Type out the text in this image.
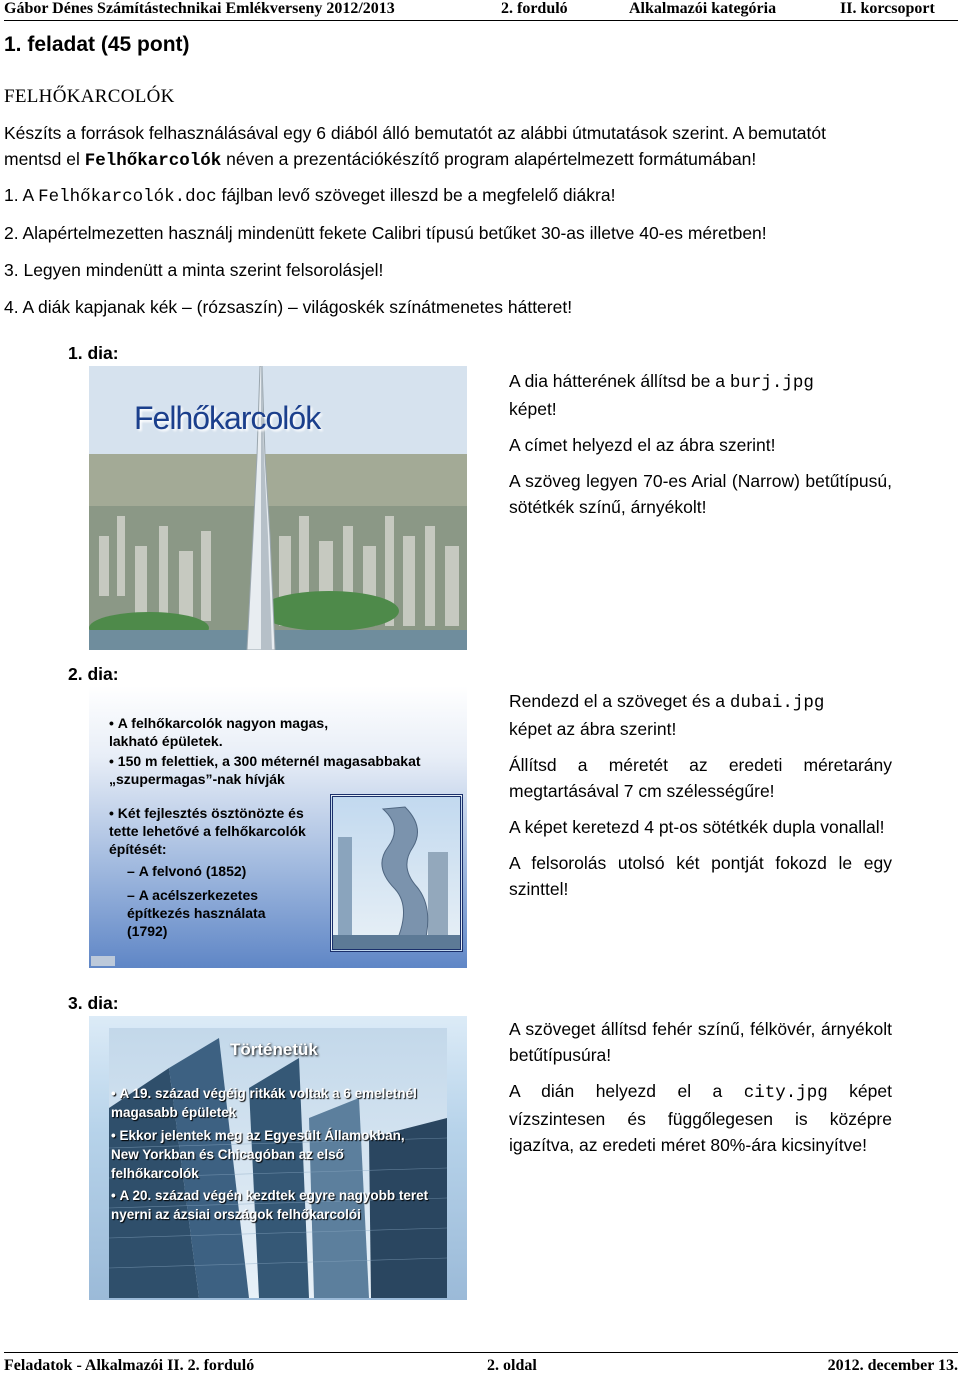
Gábor Dénes Számítástechnikai Emlékverseny 2012/2013	2. forduló	Alkalmazói kategória	II. korcsoport
1. feladat (45 pont)
FELHŐKARCOLÓK
Készíts a források felhasználásával egy 6 diából álló bemutatót az alábbi útmutatások szerint. A bemutatót
mentsd el Felhőkarcolók néven a prezentációkészítő program alapértelmezett formátumában!
1. A Felhőkarcolók.doc fájlban levő szöveget illeszd be a megfelelő diákra!
2. Alapértelmezetten használj mindenütt fekete Calibri típusú betűket 30-as illetve 40-es méretben!
3. Legyen mindenütt a minta szerint felsorolásjel!
4. A diák kapjanak kék – (rózsaszín) – világoskék színátmenetes hátteret!
1. dia:
Felhőkarcolók

A dia hátterének állítsd be a burj.jpg
képet!

A címet helyezd el az ábra szerint!

A szöveg legyen 70-es Arial (Narrow) betűtípusú, sötétkék színű, árnyékolt!

2. dia:
• A felhőkarcolók nagyon magas, lakható épületek.
• 150 m felettiek, a 300 méternél magasabbakat „szupermagas”-nak hívják
• Két fejlesztés ösztönözte és tette lehetővé a felhőkarcolók építését:
– A felvonó (1852)
– A acélszerkezetes építkezés használata (1792)

Rendezd el a szöveget és a dubai.jpg
képet az ábra szerint!

Állítsd a méretét az eredeti méretarány megtartásával 7 cm szélességűre!

A képet keretezd 4 pt-os sötétkék dupla vonallal!

A felsorolás utolsó két pontját fokozd le egy szinttel!

3. dia:
Történetük
• A 19. század végéig ritkák voltak a 6 emeletnél magasabb épületek
• Ekkor jelentek meg az Egyesült Államokban, New Yorkban és Chicagóban az első felhőkarcolók
• A 20. század végén kezdtek egyre nagyobb teret nyerni az ázsiai országok felhőkarcolói

A szöveget állítsd fehér színű, félkövér, árnyékolt betűtípusúra!

A dián helyezd el a city.jpg képet vízszintesen és függőlegesen is középre igazítva, az eredeti méret 80%-ára kicsinyítve!

Feladatok - Alkalmazói II. 2. forduló	2. oldal	2012. december 13.
